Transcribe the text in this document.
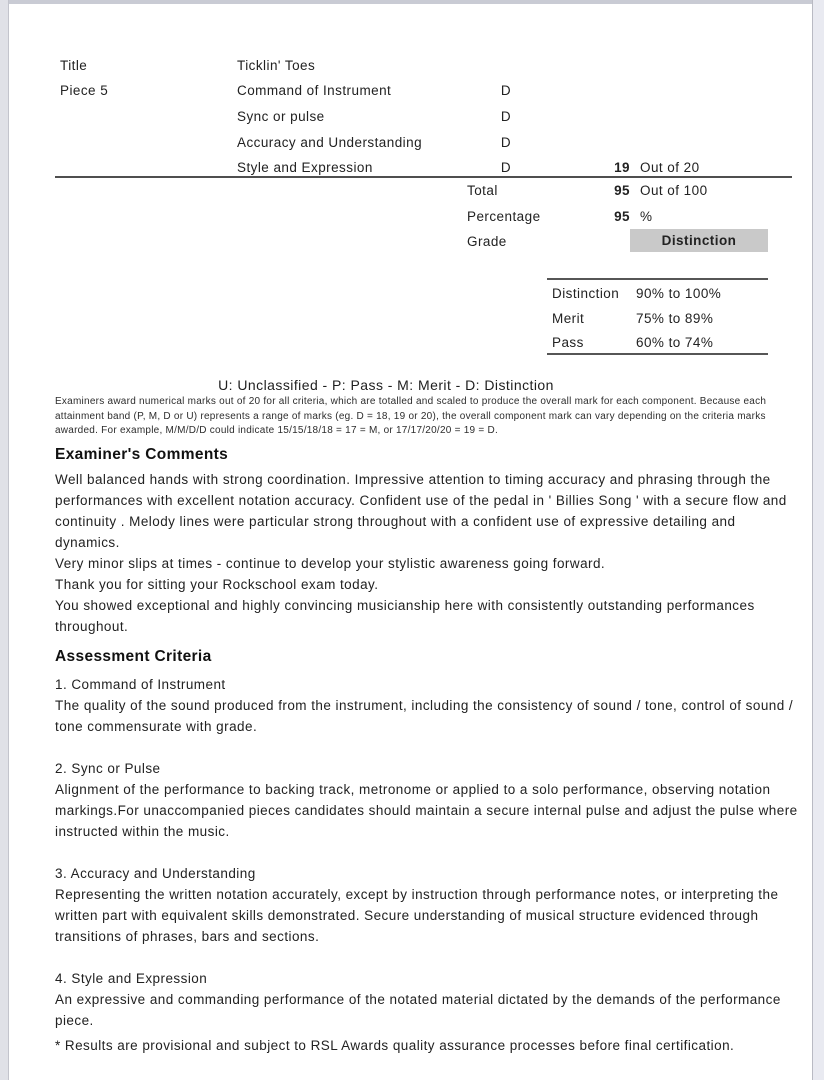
Title	Ticklin' Toes
Piece 5	Command of Instrument	D
Sync or pulse	D
Accuracy and Understanding	D
Style and Expression	D	19 Out of 20
Total	95 Out of 100
Percentage	95 %
Grade	Distinction
Distinction 90% to 100%
Merit	75% to 89%
Pass	60% to 74%
U: Unclassified - P: Pass - M: Merit - D: Distinction
Examiners award numerical marks out of 20 for all criteria, which are totalled and scaled to produce the overall mark for each component. Because each attainment band (P, M, D or U) represents a range of marks (eg. D = 18, 19 or 20), the overall component mark can vary depending on the criteria marks awarded. For example, M/M/D/D could indicate 15/15/18/18 = 17 = M, or 17/17/20/20 = 19 = D.
Examiner's Comments

Well balanced hands with strong coordination. Impressive attention to timing accuracy and phrasing through the performances with excellent notation accuracy. Confident use of the pedal in ' Billies Song ' with a secure flow and continuity . Melody lines were particular strong throughout with a confident use of expressive detailing and dynamics.

Very minor slips at times - continue to develop your stylistic awareness going forward.

Thank you for sitting your Rockschool exam today.

You showed exceptional and highly convincing musicianship here with consistently outstanding performances throughout.

Assessment Criteria

1. Command of Instrument

The quality of the sound produced from the instrument, including the consistency of sound / tone, control of sound / tone commensurate with grade.

2. Sync or Pulse

Alignment of the performance to backing track, metronome or applied to a solo performance, observing notation markings.For unaccompanied pieces candidates should maintain a secure internal pulse and adjust the pulse where instructed within the music.

3. Accuracy and Understanding

Representing the written notation accurately, except by instruction through performance notes, or interpreting the written part with equivalent skills demonstrated. Secure understanding of musical structure evidenced through transitions of phrases, bars and sections.

4. Style and Expression

An expressive and commanding performance of the notated material dictated by the demands of the performance piece.

* Results are provisional and subject to RSL Awards quality assurance processes before final certification.
